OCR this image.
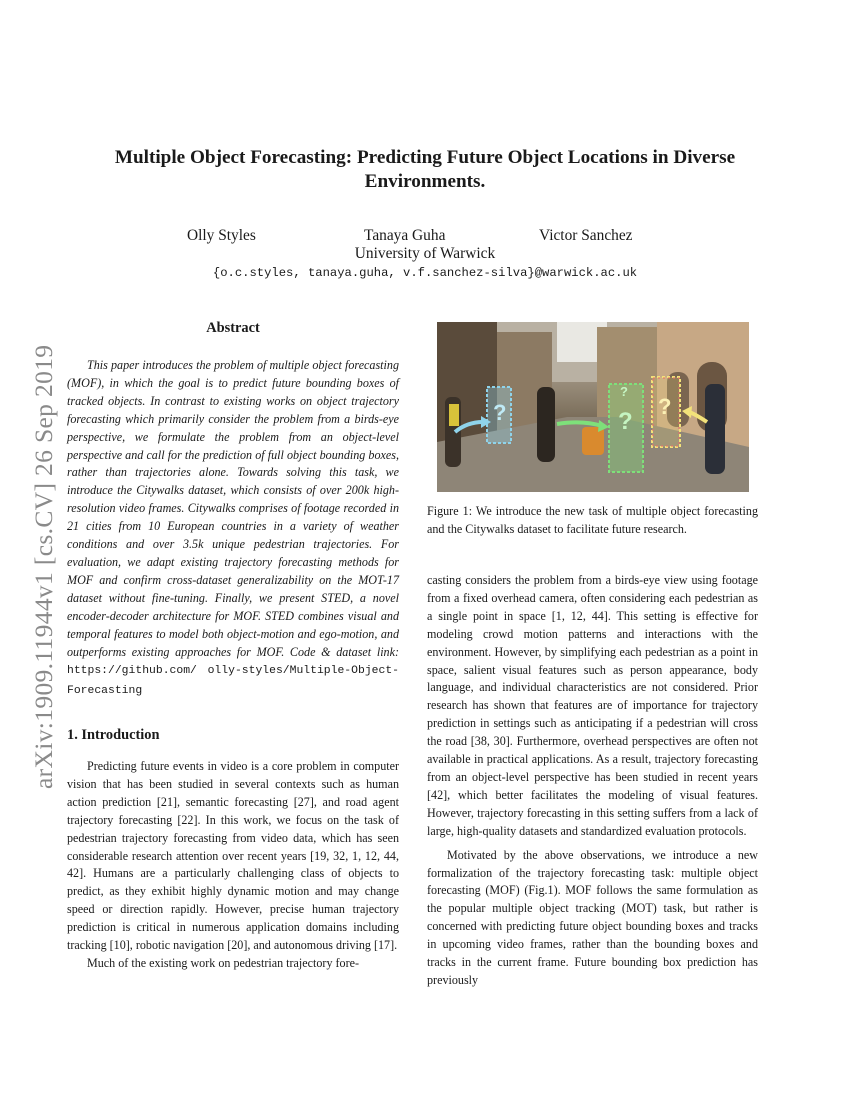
arXiv:1909.11944v1 [cs.CV] 26 Sep 2019
Multiple Object Forecasting: Predicting Future Object Locations in Diverse
Environments.
Olly Styles	Tanaya Guha	Victor Sanchez
University of Warwick
{o.c.styles, tanaya.guha, v.f.sanchez-silva}@warwick.ac.uk
Abstract

This paper introduces the problem of multiple object forecasting (MOF), in which the goal is to predict future bounding boxes of tracked objects. In contrast to existing works on object trajectory forecasting which primarily consider the problem from a birds-eye perspective, we formulate the problem from an object-level perspective and call for the prediction of full object bounding boxes, rather than trajectories alone. Towards solving this task, we introduce the Citywalks dataset, which consists of over 200k high-resolution video frames. Citywalks comprises of footage recorded in 21 cities from 10 European countries in a variety of weather conditions and over 3.5k unique pedestrian trajectories. For evaluation, we adapt existing trajectory forecasting methods for MOF and confirm cross-dataset generalizability on the MOT-17 dataset without fine-tuning. Finally, we present STED, a novel encoder-decoder architecture for MOF. STED combines visual and temporal features to model both object-motion and ego-motion, and outperforms existing approaches for MOF. Code & dataset link: https://github.com/ olly-styles/Multiple-Object-Forecasting

1. Introduction

Predicting future events in video is a core problem in computer vision that has been studied in several contexts such as human action prediction [21], semantic forecasting [27], and road agent trajectory forecasting [22]. In this work, we focus on the task of pedestrian trajectory forecasting from video data, which has seen considerable research attention over recent years [19, 32, 1, 12, 44, 42]. Humans are a particularly challenging class of objects to predict, as they exhibit highly dynamic motion and may change speed or direction rapidly. However, precise human trajectory prediction is critical in numerous application domains including tracking [10], robotic navigation [20], and autonomous driving [17].

Much of the existing work on pedestrian trajectory fore-

?	?
?
?
Figure 1: We introduce the new task of multiple object forecasting and the Citywalks dataset to facilitate future research.

casting considers the problem from a birds-eye view using footage from a fixed overhead camera, often considering each pedestrian as a single point in space [1, 12, 44]. This setting is effective for modeling crowd motion patterns and interactions with the environment. However, by simplifying each pedestrian as a point in space, salient visual features such as person appearance, body language, and individual characteristics are not considered. Prior research has shown that features are of importance for trajectory prediction in settings such as anticipating if a pedestrian will cross the road [38, 30]. Furthermore, overhead perspectives are often not available in practical applications. As a result, trajectory forecasting from an object-level perspective has been studied in recent years [42], which better facilitates the modeling of visual features. However, trajectory forecasting in this setting suffers from a lack of large, high-quality datasets and standardized evaluation protocols.

Motivated by the above observations, we introduce a new formalization of the trajectory forecasting task: multiple object forecasting (MOF) (Fig.1). MOF follows the same formulation as the popular multiple object tracking (MOT) task, but rather is concerned with predicting future object bounding boxes and tracks in upcoming video frames, rather than the bounding boxes and tracks in the current frame. Future bounding box prediction has previously
